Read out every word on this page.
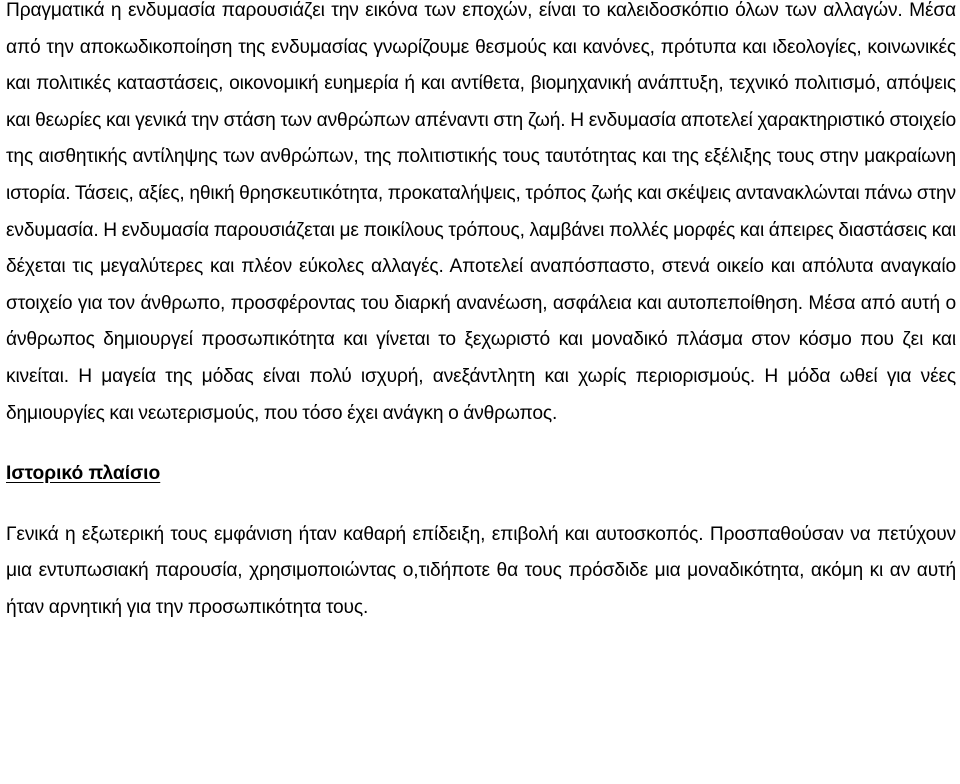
Πραγματικά η ενδυμασία παρουσιάζει την εικόνα των εποχών, είναι το καλειδοσκόπιο όλων των αλλαγών. Μέσα από την αποκωδικοποίηση της ενδυμασίας γνωρίζουμε θεσμούς και κανόνες, πρότυπα και ιδεολογίες, κοινωνικές και πολιτικές καταστάσεις, οικονομική ευημερία ή και αντίθετα, βιομηχανική ανάπτυξη, τεχνικό πολιτισμό, απόψεις και θεωρίες και γενικά την στάση των ανθρώπων απέναντι στη ζωή. Η ενδυμασία αποτελεί χαρακτηριστικό στοιχείο της αισθητικής αντίληψης των ανθρώπων, της πολιτιστικής τους ταυτότητας και της εξέλιξης τους στην μακραίωνη ιστορία. Τάσεις, αξίες, ηθική θρησκευτικότητα, προκαταλήψεις, τρόπος ζωής και σκέψεις αντανακλώνται πάνω στην ενδυμασία. Η ενδυμασία παρουσιάζεται με ποικίλους τρόπους, λαμβάνει πολλές μορφές και άπειρες διαστάσεις και δέχεται τις μεγαλύτερες και πλέον εύκολες αλλαγές. Αποτελεί αναπόσπαστο, στενά οικείο και απόλυτα αναγκαίο στοιχείο για τον άνθρωπο, προσφέροντας του διαρκή ανανέωση, ασφάλεια και αυτοπεποίθηση. Μέσα από αυτή ο άνθρωπος δημιουργεί προσωπικότητα και γίνεται το ξεχωριστό και μοναδικό πλάσμα στον κόσμο που ζει και κινείται. Η μαγεία της μόδας είναι πολύ ισχυρή, ανεξάντλητη και χωρίς περιορισμούς. Η μόδα ωθεί για νέες δημιουργίες και νεωτερισμούς, που τόσο έχει ανάγκη ο άνθρωπος.

Ιστορικό πλαίσιο

Γενικά η εξωτερική τους εμφάνιση ήταν καθαρή επίδειξη, επιβολή και αυτοσκοπός. Προσπαθούσαν να πετύχουν μια εντυπωσιακή παρουσία, χρησιμοποιώντας ο,τιδήποτε θα τους πρόσδιδε μια μοναδικότητα, ακόμη κι αν αυτή ήταν αρνητική για την προσωπικότητα τους.
